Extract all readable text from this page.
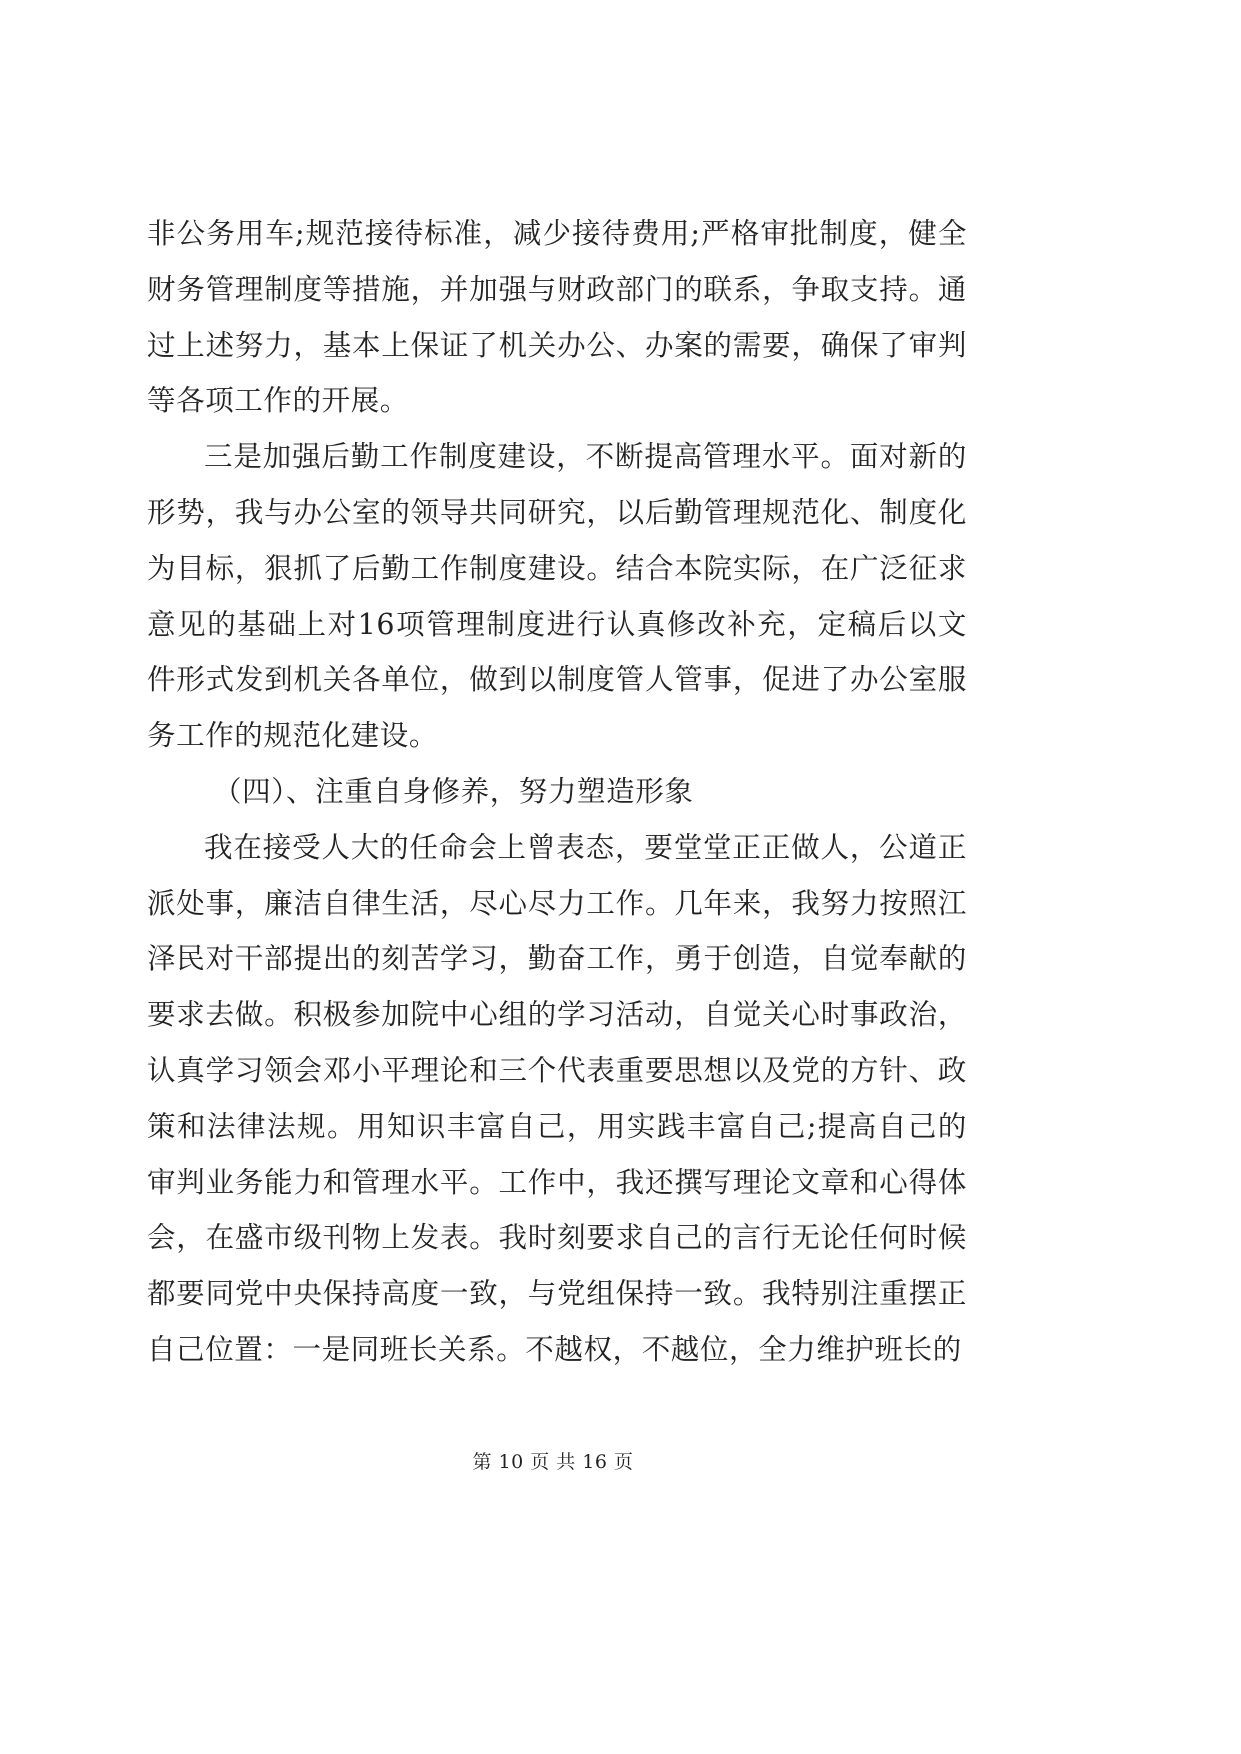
非公务用车;规范接待标准，减少接待费用;严格审批制度，健全财务管理制度等措施，并加强与财政部门的联系，争取支持。通过上述努力，基本上保证了机关办公、办案的需要，确保了审判等各项工作的开展。

三是加强后勤工作制度建设，不断提高管理水平。面对新的形势，我与办公室的领导共同研究，以后勤管理规范化、制度化为目标，狠抓了后勤工作制度建设。结合本院实际，在广泛征求意见的基础上对16项管理制度进行认真修改补充，定稿后以文件形式发到机关各单位，做到以制度管人管事，促进了办公室服务工作的规范化建设。

（四）、注重自身修养，努力塑造形象

我在接受人大的任命会上曾表态，要堂堂正正做人，公道正派处事，廉洁自律生活，尽心尽力工作。几年来，我努力按照江泽民对干部提出的刻苦学习，勤奋工作，勇于创造，自觉奉献的要求去做。积极参加院中心组的学习活动，自觉关心时事政治，认真学习领会邓小平理论和三个代表重要思想以及党的方针、政策和法律法规。用知识丰富自己，用实践丰富自己;提高自己的审判业务能力和管理水平。工作中，我还撰写理论文章和心得体会，在盛市级刊物上发表。我时刻要求自己的言行无论任何时候都要同党中央保持高度一致，与党组保持一致。我特别注重摆正自己位置：一是同班长关系。不越权，不越位，全力维护班长的

第 10 页 共 16 页
